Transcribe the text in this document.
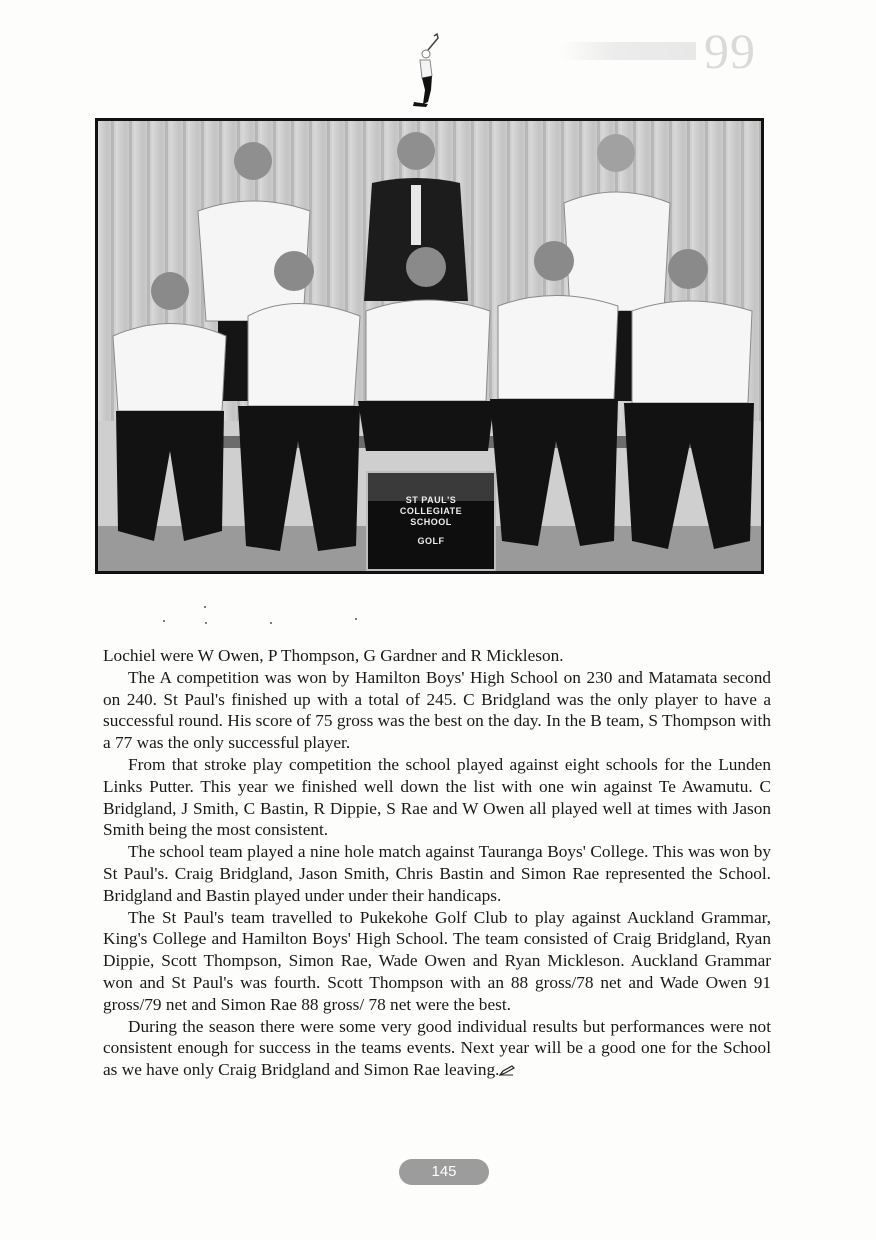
99
ST PAUL'S
COLLEGIATE
SCHOOL
GOLF

Lochiel were W Owen, P Thompson, G Gardner and R Mickleson.

The A competition was won by Hamilton Boys' High School on 230 and Matamata second on 240. St Paul's finished up with a total of 245. C Bridgland was the only player to have a successful round. His score of 75 gross was the best on the day. In the B team, S Thompson with a 77 was the only successful player.

From that stroke play competition the school played against eight schools for the Lunden Links Putter. This year we finished well down the list with one win against Te Awamutu. C Bridgland, J Smith, C Bastin, R Dippie, S Rae and W Owen all played well at times with Jason Smith being the most consistent.

The school team played a nine hole match against Tauranga Boys' College. This was won by St Paul's. Craig Bridgland, Jason Smith, Chris Bastin and Simon Rae represented the School. Bridgland and Bastin played under under their handicaps.

The St Paul's team travelled to Pukekohe Golf Club to play against Auckland Grammar, King's College and Hamilton Boys' High School. The team consisted of Craig Bridgland, Ryan Dippie, Scott Thompson, Simon Rae, Wade Owen and Ryan Mickleson. Auckland Grammar won and St Paul's was fourth. Scott Thompson with an 88 gross/78 net and Wade Owen 91 gross/79 net and Simon Rae 88 gross/ 78 net were the best.

During the season there were some very good individual results but performances were not consistent enough for success in the teams events. Next year will be a good one for the School as we have only Craig Bridgland and Simon Rae leaving.

145
